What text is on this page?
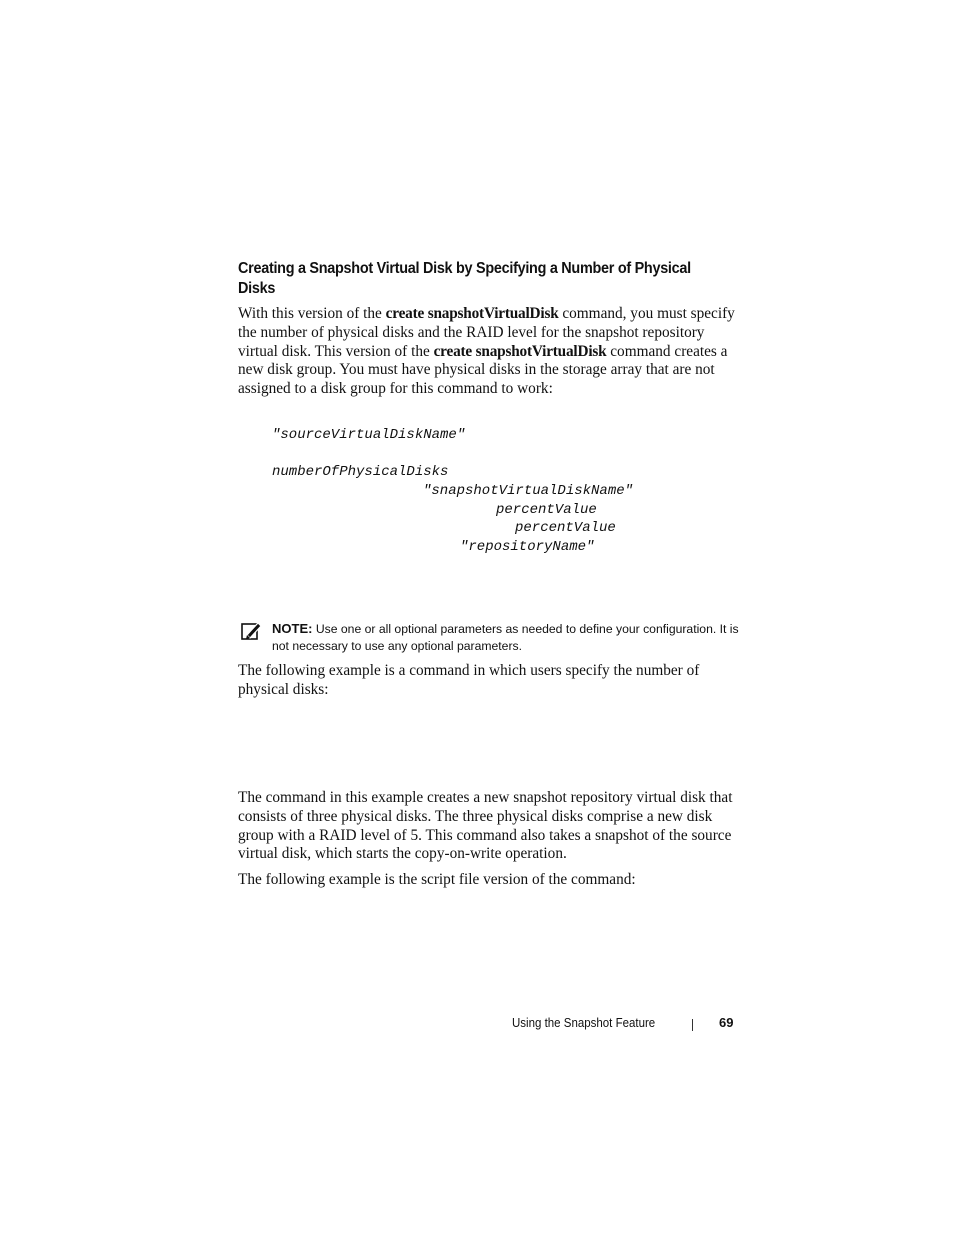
Creating a Snapshot Virtual Disk by Specifying a Number of Physical Disks
With this version of the create snapshotVirtualDisk command, you must specify the number of physical disks and the RAID level for the snapshot repository virtual disk. This version of the create snapshotVirtualDisk command creates a new disk group. You must have physical disks in the storage array that are not assigned to a disk group for this command to work:
"sourceVirtualDiskName"
numberOfPhysicalDisks
"snapshotVirtualDiskName"
percentValue
percentValue
"repositoryName"
NOTE: Use one or all optional parameters as needed to define your configuration. It is not necessary to use any optional parameters.
The following example is a command in which users specify the number of physical disks:
The command in this example creates a new snapshot repository virtual disk that consists of three physical disks. The three physical disks comprise a new disk group with a RAID level of 5. This command also takes a snapshot of the source virtual disk, which starts the copy-on-write operation.
The following example is the script file version of the command:
Using the Snapshot Feature	69
